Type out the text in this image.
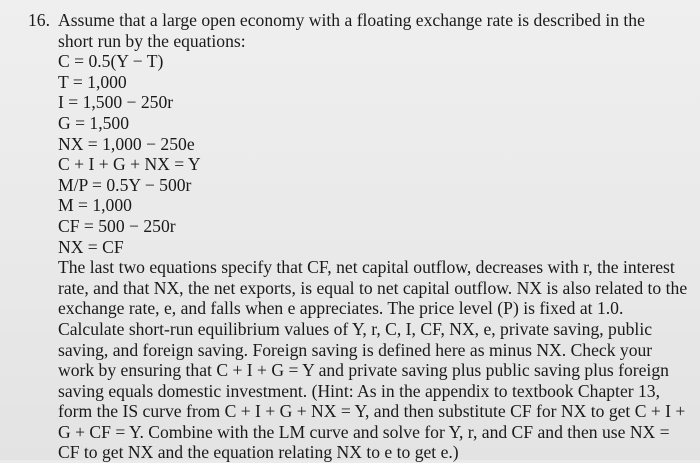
16. Assume that a large open economy with a floating exchange rate is described in the
short run by the equations:
C = 0.5(Y − T)
T = 1,000
I = 1,500 − 250r
G = 1,500
NX = 1,000 − 250e
C + I + G + NX = Y
M/P = 0.5Y − 500r
M = 1,000
CF = 500 − 250r
NX = CF
The last two equations specify that CF, net capital outflow, decreases with r, the interest
rate, and that NX, the net exports, is equal to net capital outflow. NX is also related to the
exchange rate, e, and falls when e appreciates. The price level (P) is fixed at 1.0.
Calculate short-run equilibrium values of Y, r, C, I, CF, NX, e, private saving, public
saving, and foreign saving. Foreign saving is defined here as minus NX. Check your
work by ensuring that C + I + G = Y and private saving plus public saving plus foreign
saving equals domestic investment. (Hint: As in the appendix to textbook Chapter 13,
form the IS curve from C + I + G + NX = Y, and then substitute CF for NX to get C + I +
G + CF = Y. Combine with the LM curve and solve for Y, r, and CF and then use NX =
CF to get NX and the equation relating NX to e to get e.)
